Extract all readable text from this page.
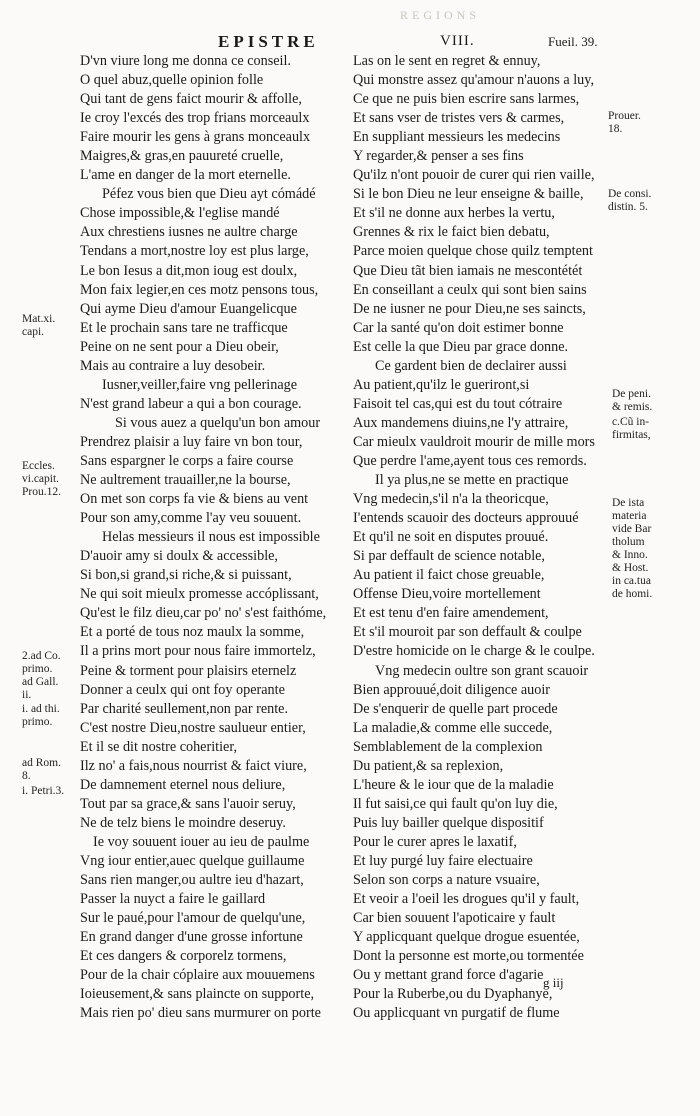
REGIONS
EPISTRE	VIII.	Fueil. 39.
D'vn viure long me donna ce conseil.
O quel abuz,quelle opinion folle
Qui tant de gens faict mourir & affolle,
Ie croy l'excés des trop frians morceaulx
Faire mourir les gens à grans monceaulx
Maigres,& gras,en pauureté cruelle,
L'ame en danger de la mort eternelle.
Péfez vous bien que Dieu ayt cómádé
Chose impossible,& l'eglise mandé
Aux chrestiens iusnes ne aultre charge
Tendans a mort,nostre loy est plus large,
Le bon Iesus a dit,mon ioug est doulx,
Mon faix legier,en ces motz pensons tous,
Qui ayme Dieu d'amour Euangelicque
Et le prochain sans tare ne trafficque
Peine on ne sent pour a Dieu obeir,
Mais au contraire a luy desobeir.
Iusner,veiller,faire vng pellerinage
N'est grand labeur a qui a bon courage.
Si vous auez a quelqu'un bon amour
Prendrez plaisir a luy faire vn bon tour,
Sans espargner le corps a faire course
Ne aultrement trauailler,ne la bourse,
On met son corps fa vie & biens au vent
Pour son amy,comme l'ay veu souuent.
Helas messieurs il nous est impossible
D'auoir amy si doulx & accessible,
Si bon,si grand,si riche,& si puissant,
Ne qui soit mieulx promesse accóplissant,
Qu'est le filz dieu,car po' no' s'est faithóme,
Et a porté de tous noz maulx la somme,
Il a prins mort pour nous faire immortelz,
Peine & torment pour plaisirs eternelz
Donner a ceulx qui ont foy operante
Par charité seullement,non par rente.
C'est nostre Dieu,nostre saulueur entier,
Et il se dit nostre coheritier,
Ilz no' a fais,nous nourrist & faict viure,
De damnement eternel nous deliure,
Tout par sa grace,& sans l'auoir seruy,
Ne de telz biens le moindre deseruy.
Ie voy souuent iouer au ieu de paulme
Vng iour entier,auec quelque guillaume
Sans rien manger,ou aultre ieu d'hazart,
Passer la nuyct a faire le gaillard
Sur le paué,pour l'amour de quelqu'une,
En grand danger d'une grosse infortune
Et ces dangers & corporelz tormens,
Pour de la chair cóplaire aux mouuemens
Ioieusement,& sans plaincte on supporte,
Mais rien po' dieu sans murmurer on porte
Las on le sent en regret & ennuy,
Qui monstre assez qu'amour n'auons a luy,
Ce que ne puis bien escrire sans larmes,
Et sans vser de tristes vers & carmes,
En suppliant messieurs les medecins
Y regarder,& penser a ses fins
Qu'ilz n'ont pouoir de curer qui rien vaille,
Si le bon Dieu ne leur enseigne & baille,
Et s'il ne donne aux herbes la vertu,
Grennes & rix le faict bien debatu,
Parce moien quelque chose quilz temptent
Que Dieu tãt bien iamais ne mescontétét
En conseillant a ceulx qui sont bien sains
De ne iusner ne pour Dieu,ne ses saincts,
Car la santé qu'on doit estimer bonne
Est celle la que Dieu par grace donne.
Ce gardent bien de declairer aussi
Au patient,qu'ilz le gueriront,si
Faisoit tel cas,qui est du tout cótraire
Aux mandemens diuins,ne l'y attraire,
Car mieulx vauldroit mourir de mille mors
Que perdre l'ame,ayent tous ces remords.
Il ya plus,ne se mette en practique
Vng medecin,s'il n'a la theoricque,
I'entends scauoir des docteurs approuué
Et qu'il ne soit en disputes prouué.
Si par deffault de science notable,
Au patient il faict chose greuable,
Offense Dieu,voire mortellement
Et est tenu d'en faire amendement,
Et s'il mouroit par son deffault & coulpe
D'estre homicide on le charge & le coulpe.
Vng medecin oultre son grant scauoir
Bien approuué,doit diligence auoir
De s'enquerir de quelle part procede
La maladie,& comme elle succede,
Semblablement de la complexion
Du patient,& sa replexion,
L'heure & le iour que de la maladie
Il fut saisi,ce qui fault qu'on luy die,
Puis luy bailler quelque dispositif
Pour le curer apres le laxatif,
Et luy purgé luy faire electuaire
Selon son corps a nature vsuaire,
Et veoir a l'oeil les drogues qu'il y fault,
Car bien souuent l'apoticaire y fault
Y applicquant quelque drogue esuentée,
Dont la personne est morte,ou tormentée
Ou y mettant grand force d'agarie
Pour la Ruberbe,ou du Dyaphanye,
Ou applicquant vn purgatif de flume
Mat.xi.
capi.
Eccles.
vi.capit.
Prou.12.
2.ad Co.
primo.
ad Gall.
ii.
i. ad thi.
primo.
ad Rom.
8.
i. Petri.3.
Prouer.
18.
De consi.
distin. 5.
De peni.
& remis.
c.Cũ in-
firmitas,
De ista
materia
vide Bar
tholum
& Inno.
& Host.
in ca.tua
de homi.
g iij
